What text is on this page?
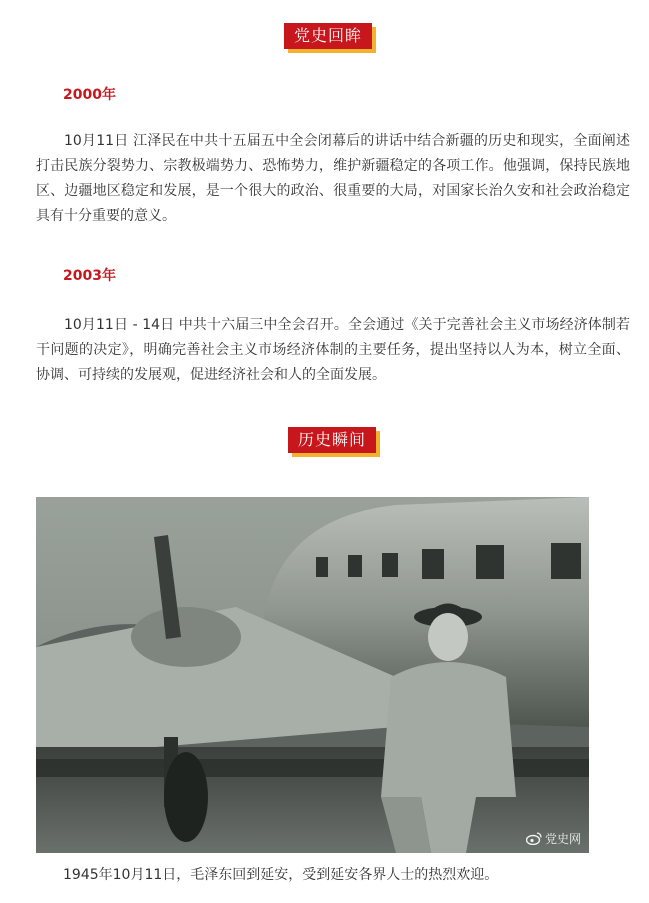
党史回眸
2000年
10月11日 江泽民在中共十五届五中全会闭幕后的讲话中结合新疆的历史和现实，全面阐述打击民族分裂势力、宗教极端势力、恐怖势力，维护新疆稳定的各项工作。他强调，保持民族地区、边疆地区稳定和发展，是一个很大的政治、很重要的大局，对国家长治久安和社会政治稳定具有十分重要的意义。
2003年
10月11日 - 14日 中共十六届三中全会召开。全会通过《关于完善社会主义市场经济体制若干问题的决定》，明确完善社会主义市场经济体制的主要任务，提出坚持以人为本，树立全面、协调、可持续的发展观，促进经济社会和人的全面发展。
历史瞬间
党史网
1945年10月11日，毛泽东回到延安，受到延安各界人士的热烈欢迎。
